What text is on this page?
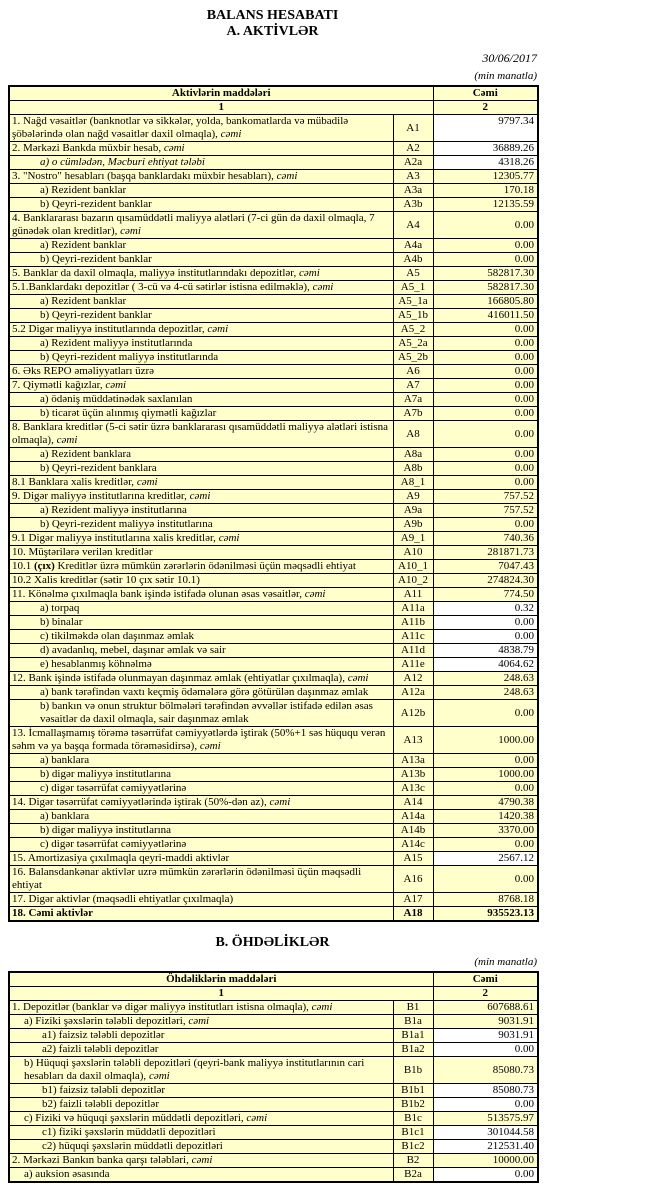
BALANS HESABATI
A. AKTİVLƏR
30/06/2017
(min manatla)
Aktivlərin maddələri		Cəmi
1		2
1. Nağd vəsaitlər (banknotlar və sikkələr, yolda, bankomatlarda və mübadilə şöbələrində olan nağd vəsaitlər daxil olmaqla), cəmi	A1	9797.34
2. Mərkəzi Bankda müxbir hesab, cəmi	A2	36889.26
a) o cümlədən, Məcburi ehtiyat tələbi	A2a	4318.26
3. "Nostro" hesabları (başqa banklardakı müxbir hesabları), cəmi	A3	12305.77
a) Rezident banklar	A3a	170.18
b) Qeyri-rezident banklar	A3b	12135.59
4. Banklararası bazarın qısamüddətli maliyyə alətləri (7-ci gün də daxil olmaqla, 7 günədək olan kreditlər), cəmi	A4	0.00
a) Rezident banklar	A4a	0.00
b) Qeyri-rezident banklar	A4b	0.00
5. Banklar da daxil olmaqla, maliyyə institutlarındakı depozitlər, cəmi	A5	582817.30
5.1.Banklardakı depozitlər ( 3-cü və 4-cü sətirlər istisna edilməklə), cəmi	A5_1	582817.30
a) Rezident banklar	A5_1a	166805.80
b) Qeyri-rezident banklar	A5_1b	416011.50
5.2 Digər maliyyə institutlarında depozitlər, cəmi	A5_2	0.00
a) Rezident maliyyə institutlarında	A5_2a	0.00
b) Qeyri-rezident maliyyə institutlarında	A5_2b	0.00
6. Əks REPO əməliyyatları üzrə	A6	0.00
7. Qiymətli kağızlar, cəmi	A7	0.00
a) ödəniş müddətinədək saxlanılan	A7a	0.00
b) ticarət üçün alınmış qiymətli kağızlar	A7b	0.00
8. Banklara kreditlər (5-ci sətir üzrə banklararası qısamüddətli maliyyə alətləri istisna olmaqla), cəmi	A8	0.00
a) Rezident banklara	A8a	0.00
b) Qeyri-rezident banklara	A8b	0.00
8.1 Banklara xalis kreditlər, cəmi	A8_1	0.00
9. Digər maliyyə institutlarına kreditlər, cəmi	A9	757.52
a) Rezident maliyyə institutlarına	A9a	757.52
b) Qeyri-rezident maliyyə institutlarına	A9b	0.00
9.1 Digər maliyyə institutlarına xalis kreditlər, cəmi	A9_1	740.36
10. Müştərilərə verilən kreditlər	A10	281871.73
10.1 (çıx) Kreditlər üzrə mümkün zərərlərin ödənilməsi üçün məqsədli ehtiyat	A10_1	7047.43
10.2 Xalis kreditlər (sətir 10 çıx sətir 10.1)	A10_2	274824.30
11. Könəlmə çıxılmaqla bank işində istifadə olunan əsas vəsaitlər, cəmi	A11	774.50
a) torpaq	A11a	0.32
b) binalar	A11b	0.00
c) tikilməkdə olan daşınmaz əmlak	A11c	0.00
d) avadanlıq, mebel, daşınar əmlak və sair	A11d	4838.79
e) hesablanmış köhnəlmə	A11e	4064.62
12. Bank işində istifadə olunmayan daşınmaz əmlak (ehtiyatlar çıxılmaqla), cəmi	A12	248.63
a) bank tərəfindən vaxtı keçmiş ödəmələrə görə götürülən daşınmaz əmlak	A12a	248.63
b) bankın və onun struktur bölmələri tərəfindən əvvəllər istifadə edilən əsas vəsaitlər də daxil olmaqla, sair daşınmaz əmlak	A12b	0.00
13. İcmallaşmamış törəmə təsərrüfat cəmiyyətlərdə iştirak (50%+1 səs hüququ verən səhm və ya başqa formada törəməsidirsə), cəmi	A13	1000.00
a) banklara	A13a	0.00
b) digər maliyyə institutlarına	A13b	1000.00
c) digər təsərrüfat cəmiyyətlərinə	A13c	0.00
14. Digər təsərrüfat cəmiyyətlərində iştirak (50%-dən az), cəmi	A14	4790.38
a) banklara	A14a	1420.38
b) digər maliyyə institutlarına	A14b	3370.00
c) digər təsərrüfat cəmiyyətlərinə	A14c	0.00
15. Amortizasiya çıxılmaqla qeyri-maddi aktivlər	A15	2567.12
16. Balansdankənar aktivlər uzrə mümkün zərərlərin ödənilməsi üçün məqsədli ehtiyat	A16	0.00
17. Digər aktivlər (məqsədli ehtiyatlar çıxılmaqla)	A17	8768.18
18. Cəmi aktivlər	A18	935523.13
B. ÖHDƏLİKLƏR
(min manatla)
Öhdəliklərin maddələri		Cəmi
1		2
1. Depozitlər (banklar və digər maliyyə institutları istisna olmaqla), cəmi	B1	607688.61
a) Fiziki şəxslərin tələbli depozitləri, cəmi	B1a	9031.91
a1) faizsiz tələbli depozitlər	B1a1	9031.91
a2) faizli tələbli depozitlər	B1a2	0.00
b) Hüquqi şəxslərin tələbli depozitləri (qeyri-bank maliyyə institutlarının cari hesabları da daxil olmaqla), cəmi	B1b	85080.73
b1) faizsiz tələbli depozitlər	B1b1	85080.73
b2) faizli tələbli depozitlər	B1b2	0.00
c) Fiziki və hüquqi şəxslərin müddətli depozitləri, cəmi	B1c	513575.97
c1) fiziki şəxslərin müddətli depozitləri	B1c1	301044.58
c2) hüquqi şəxslərin müddətli depozitləri	B1c2	212531.40
2. Mərkəzi Bankın banka qarşı tələbləri, cəmi	B2	10000.00
a) auksion əsasında	B2a	0.00
